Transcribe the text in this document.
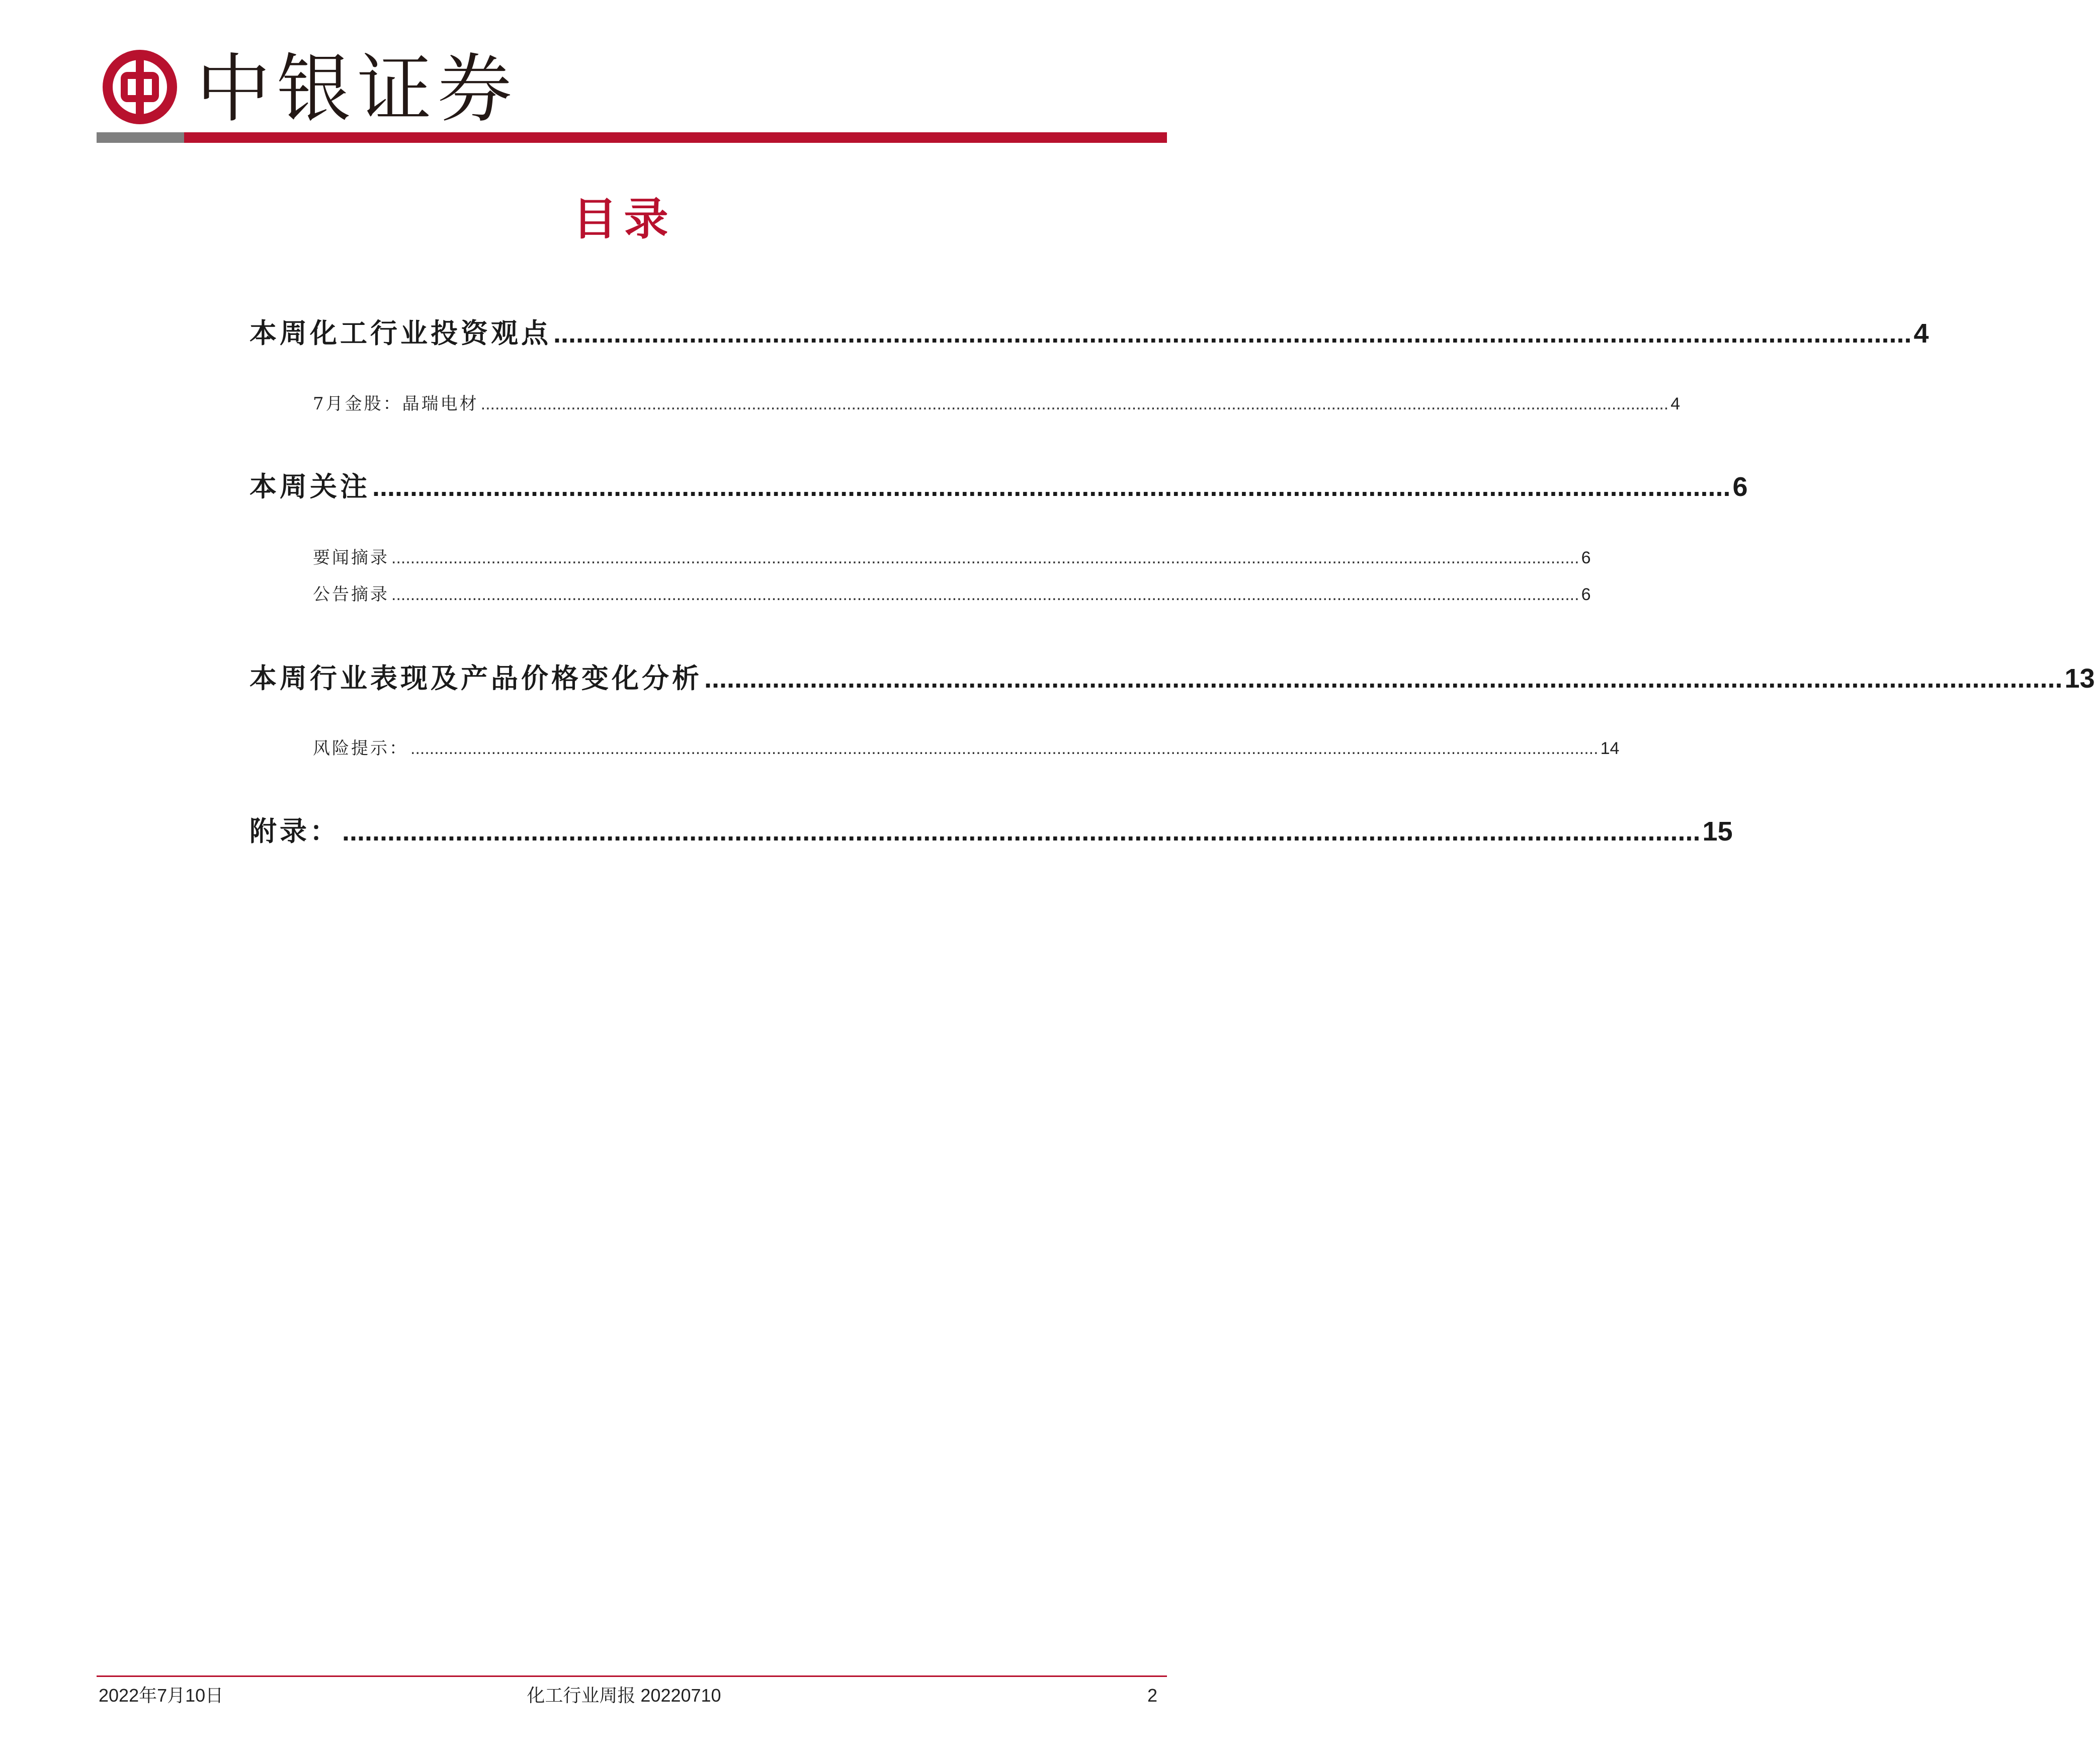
中银证券
目录
本周化工行业投资观点 .................................................................................................................................................................................... 4
7月金股：晶瑞电材 .......................................................................................................................................................................................................................................................... 4
本周关注 .................................................................................................................................................................................... 6
要闻摘录 .......................................................................................................................................................................................................................................................... 6
公告摘录 .......................................................................................................................................................................................................................................................... 6
本周行业表现及产品价格变化分析 .................................................................................................................................................................................... 13
风险提示： .......................................................................................................................................................................................................................................................... 14
附录： .................................................................................................................................................................................... 15
2022年7月10日	化工行业周报 20220710	2
